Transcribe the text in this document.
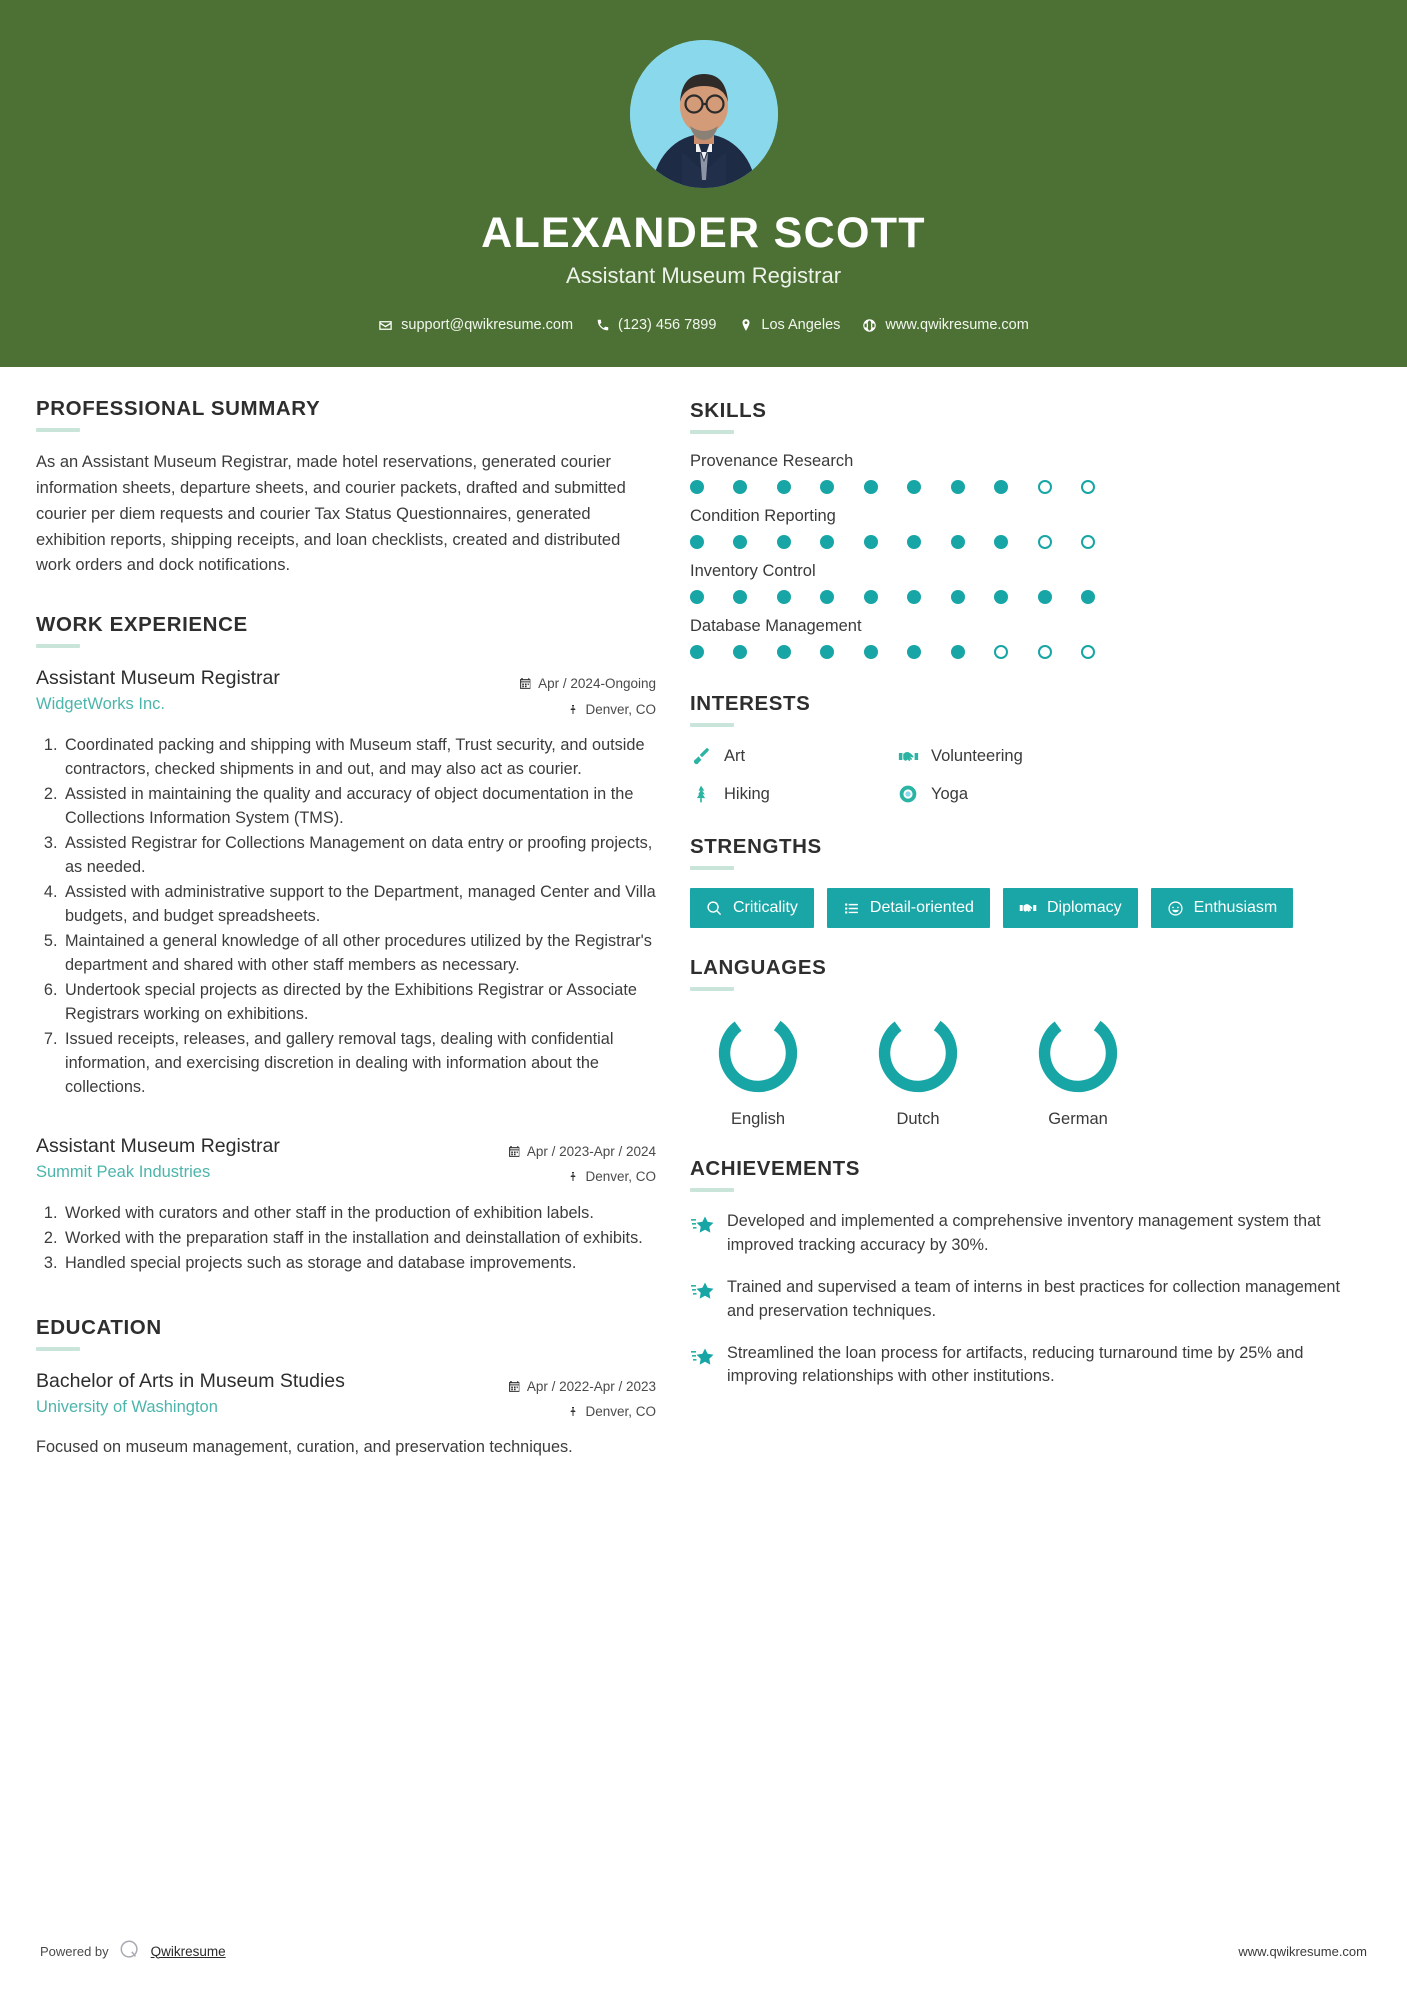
ALEXANDER SCOTT
Assistant Museum Registrar
support@qwikresume.com	(123) 456 7899	Los Angeles	www.qwikresume.com
PROFESSIONAL SUMMARY
As an Assistant Museum Registrar, made hotel reservations, generated courier information sheets, departure sheets, and courier packets, drafted and submitted courier per diem requests and courier Tax Status Questionnaires, generated exhibition reports, shipping receipts, and loan checklists, created and distributed work orders and dock notifications.
WORK EXPERIENCE
Assistant Museum Registrar
WidgetWorks Inc.
Apr / 2024-Ongoing
Denver, CO
1. Coordinated packing and shipping with Museum staff, Trust security, and outside contractors, checked shipments in and out, and may also act as courier.
2. Assisted in maintaining the quality and accuracy of object documentation in the Collections Information System (TMS).
3. Assisted Registrar for Collections Management on data entry or proofing projects, as needed.
4. Assisted with administrative support to the Department, managed Center and Villa budgets, and budget spreadsheets.
5. Maintained a general knowledge of all other procedures utilized by the Registrar's department and shared with other staff members as necessary.
6. Undertook special projects as directed by the Exhibitions Registrar or Associate Registrars working on exhibitions.
7. Issued receipts, releases, and gallery removal tags, dealing with confidential information, and exercising discretion in dealing with information about the collections.
Assistant Museum Registrar
Summit Peak Industries
Apr / 2023-Apr / 2024
Denver, CO
1. Worked with curators and other staff in the production of exhibition labels.
2. Worked with the preparation staff in the installation and deinstallation of exhibits.
3. Handled special projects such as storage and database improvements.
EDUCATION
Bachelor of Arts in Museum Studies
University of Washington
Apr / 2022-Apr / 2023
Denver, CO
Focused on museum management, curation, and preservation techniques.
SKILLS
Provenance Research
Condition Reporting
Inventory Control
Database Management
INTERESTS
Art	Volunteering
Hiking	Yoga
STRENGTHS
Criticality	Detail-oriented	Diplomacy	Enthusiasm
LANGUAGES
English	Dutch	German
ACHIEVEMENTS
Developed and implemented a comprehensive inventory management system that improved tracking accuracy by 30%.
Trained and supervised a team of interns in best practices for collection management and preservation techniques.
Streamlined the loan process for artifacts, reducing turnaround time by 25% and improving relationships with other institutions.
Powered by	Qwikresume	www.qwikresume.com
